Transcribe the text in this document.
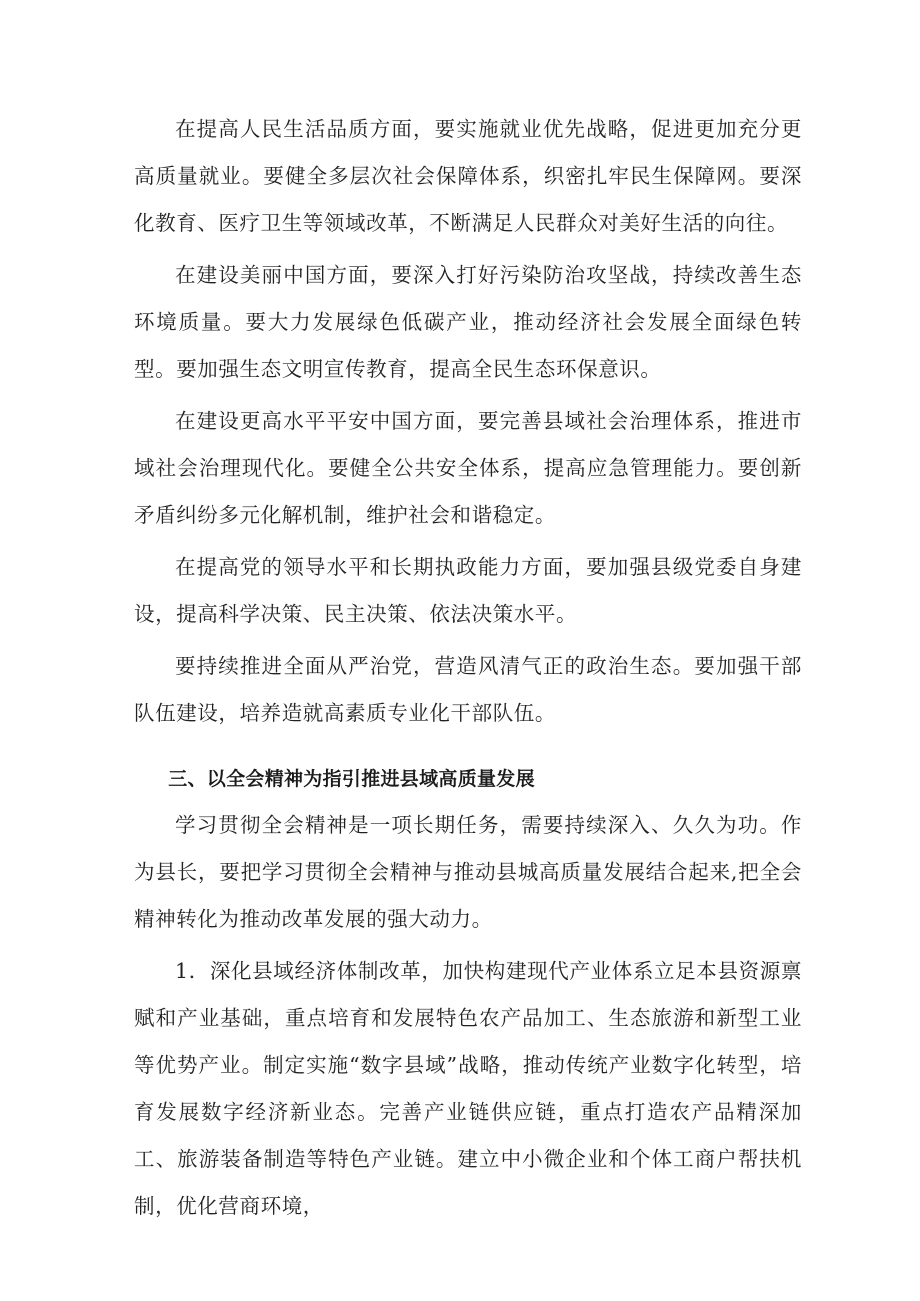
在提高人民生活品质方面，要实施就业优先战略，促进更加充分更高质量就业。要健全多层次社会保障体系，织密扎牢民生保障网。要深化教育、医疗卫生等领域改革，不断满足人民群众对美好生活的向往。

在建设美丽中国方面，要深入打好污染防治攻坚战，持续改善生态环境质量。要大力发展绿色低碳产业，推动经济社会发展全面绿色转型。要加强生态文明宣传教育，提高全民生态环保意识。

在建设更高水平平安中国方面，要完善县域社会治理体系，推进市域社会治理现代化。要健全公共安全体系，提高应急管理能力。要创新矛盾纠纷多元化解机制，维护社会和谐稳定。

在提高党的领导水平和长期执政能力方面，要加强县级党委自身建设，提高科学决策、民主决策、依法决策水平。

要持续推进全面从严治党，营造风清气正的政治生态。要加强干部队伍建设，培养造就高素质专业化干部队伍。

三、以全会精神为指引推进县域高质量发展

学习贯彻全会精神是一项长期任务，需要持续深入、久久为功。作为县长，要把学习贯彻全会精神与推动县城高质量发展结合起来,把全会精神转化为推动改革发展的强大动力。

1．深化县域经济体制改革，加快构建现代产业体系立足本县资源禀赋和产业基础，重点培育和发展特色农产品加工、生态旅游和新型工业等优势产业。制定实施“数字县域”战略，推动传统产业数字化转型，培育发展数字经济新业态。完善产业链供应链，重点打造农产品精深加工、旅游装备制造等特色产业链。建立中小微企业和个体工商户帮扶机制，优化营商环境，
